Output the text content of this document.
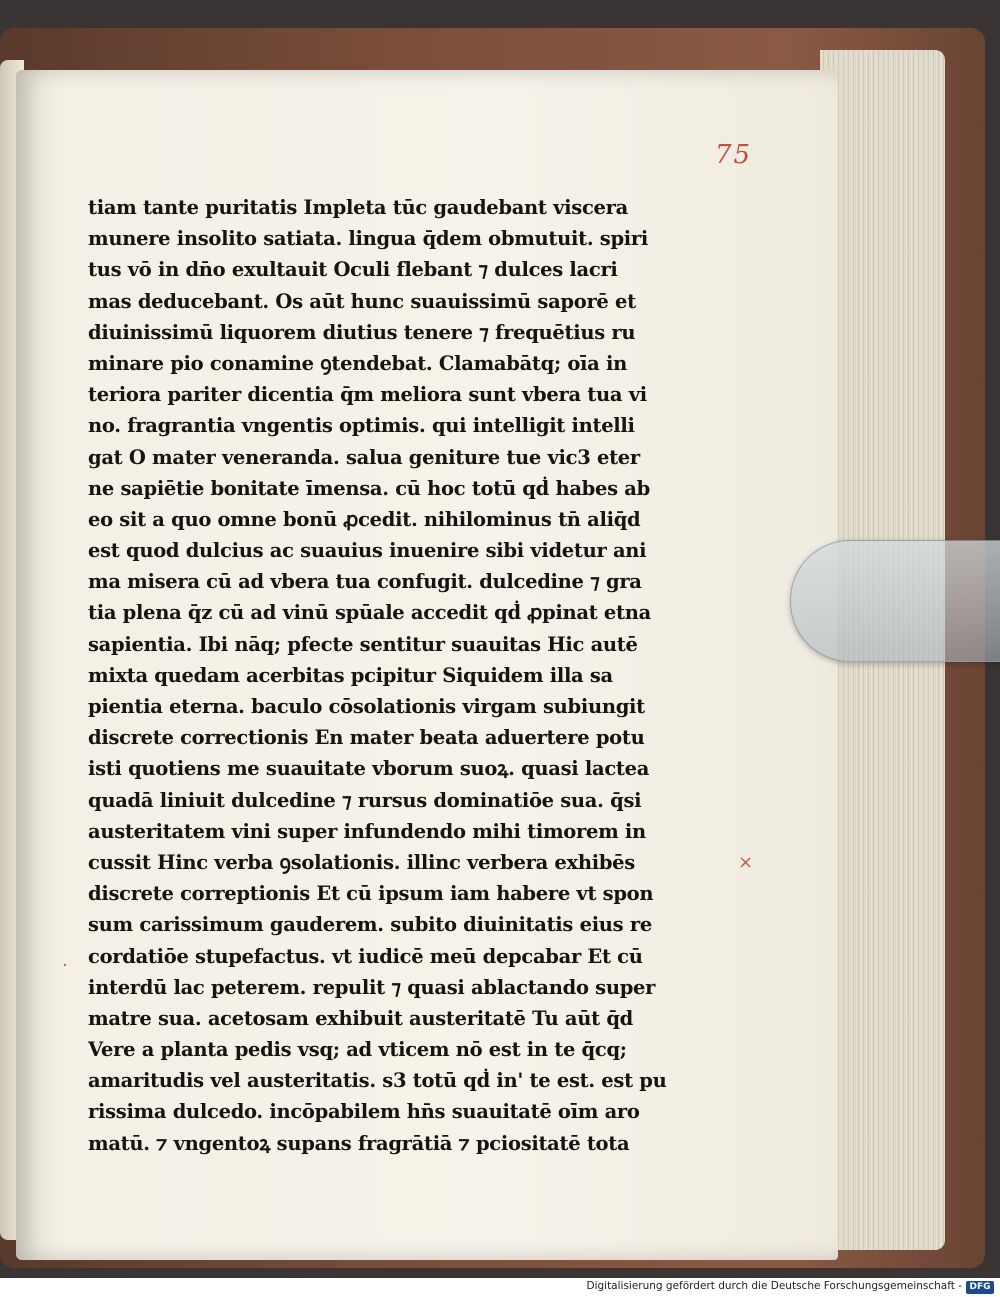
75
tiam tante puritatis Impleta tūc gaudebant viscera
munere insolito satiata. lingua q̄dem obmutuit. spiri
tus vō in dn̄o exultauit Oculi flebant ⁊ dulces lacri
mas deducebant. Os aūt hunc suauissimū saporē et
diuinissimū liquorem diutius tenere ⁊ frequētius ru
minare pio conamine ꝯtendebat. Clamabātq; oīa in
teriora pariter dicentia q̄m meliora sunt vbera tua vi
no. fragrantia vngentis optimis. qui intelligit intelli
gat O mater veneranda. salua geniture tue vic3 eter
ne sapiētie bonitate īmensa. cū hoc totū qḋ habes ab
eo sit a quo omne bonū ꝓcedit. nihilominus tn̄ aliq̄d
est quod dulcius ac suauius inuenire sibi videtur ani
ma misera cū ad vbera tua confugit. dulcedine ⁊ gra
tia plena q̄z cū ad vinū spūale accedit qḋ ꝓpinat etna
sapientia. Ibi nāq; pfecte sentitur suauitas Hic autē
mixta quedam acerbitas pcipitur Siquidem illa sa
pientia eterna. baculo cōsolationis virgam subiungit
discrete correctionis En mater beata aduertere potu
isti quotiens me suauitate vborum suoꝝ. quasi lactea
quadā liniuit dulcedine ⁊ rursus dominatiōe sua. q̄si
austeritatem vini super infundendo mihi timorem in
cussit Hinc verba ꝯsolationis. illinc verbera exhibēs
discrete correptionis Et cū ipsum iam habere vt spon
sum carissimum gauderem. subito diuinitatis eius re
cordatiōe stupefactus. vt iudicē meū depcabar Et cū
interdū lac peterem. repulit ⁊ quasi ablactando super
matre sua. acetosam exhibuit austeritatē Tu aūt q̄d
Vere a planta pedis vsq; ad vticem nō est in te q̄cq;
amaritudis vel austeritatis. s3 totū qḋ in' te est. est pu
rissima dulcedo. incōpabilem hn̄s suauitatē oīm aro
matū. ⁊ vngentoꝝ supans fragrātiā ⁊ pciositatē tota
×
·
Digitalisierung gefördert durch die Deutsche Forschungsgemeinschaft - DFG
